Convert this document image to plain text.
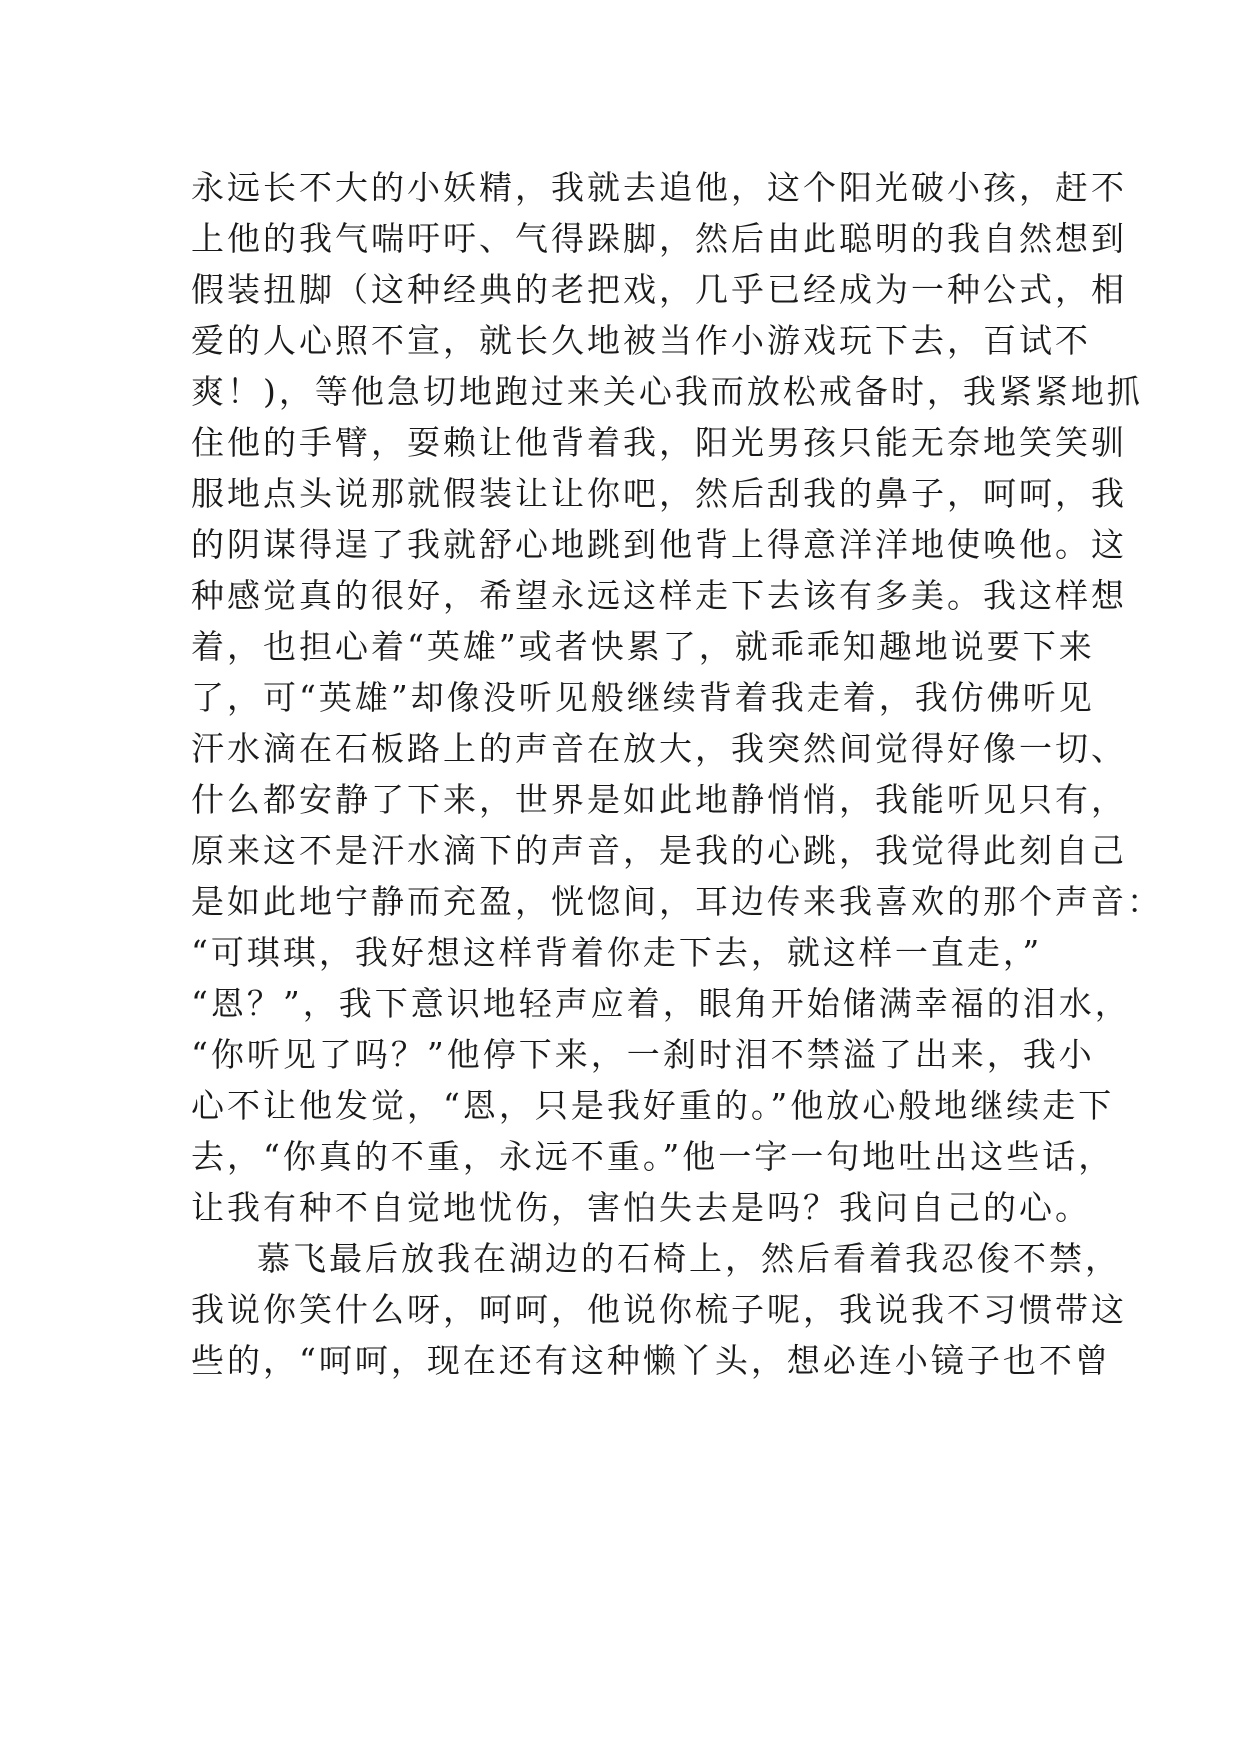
永远长不大的小妖精，我就去追他，这个阳光破小孩，赶不
上他的我气喘吁吁、气得跺脚，然后由此聪明的我自然想到
假装扭脚（这种经典的老把戏，几乎已经成为一种公式，相
爱的人心照不宣，就长久地被当作小游戏玩下去，百试不
爽！)，等他急切地跑过来关心我而放松戒备时，我紧紧地抓
住他的手臂，耍赖让他背着我，阳光男孩只能无奈地笑笑驯
服地点头说那就假装让让你吧，然后刮我的鼻子，呵呵，我
的阴谋得逞了我就舒心地跳到他背上得意洋洋地使唤他。这
种感觉真的很好，希望永远这样走下去该有多美。我这样想
着，也担心着“英雄”或者快累了，就乖乖知趣地说要下来
了，可“英雄”却像没听见般继续背着我走着，我仿佛听见
汗水滴在石板路上的声音在放大，我突然间觉得好像一切、
什么都安静了下来，世界是如此地静悄悄，我能听见只有，
原来这不是汗水滴下的声音，是我的心跳，我觉得此刻自己
是如此地宁静而充盈，恍惚间，耳边传来我喜欢的那个声音：
“可琪琪，我好想这样背着你走下去，就这样一直走，”
“恩？”，我下意识地轻声应着，眼角开始储满幸福的泪水，
“你听见了吗？”他停下来，一刹时泪不禁溢了出来，我小
心不让他发觉，“恩，只是我好重的。”他放心般地继续走下
去，“你真的不重，永远不重。”他一字一句地吐出这些话，
让我有种不自觉地忧伤，害怕失去是吗？我问自己的心。
慕飞最后放我在湖边的石椅上，然后看着我忍俊不禁，
我说你笑什么呀，呵呵，他说你梳子呢，我说我不习惯带这
些的，“呵呵，现在还有这种懒丫头，想必连小镜子也不曾
